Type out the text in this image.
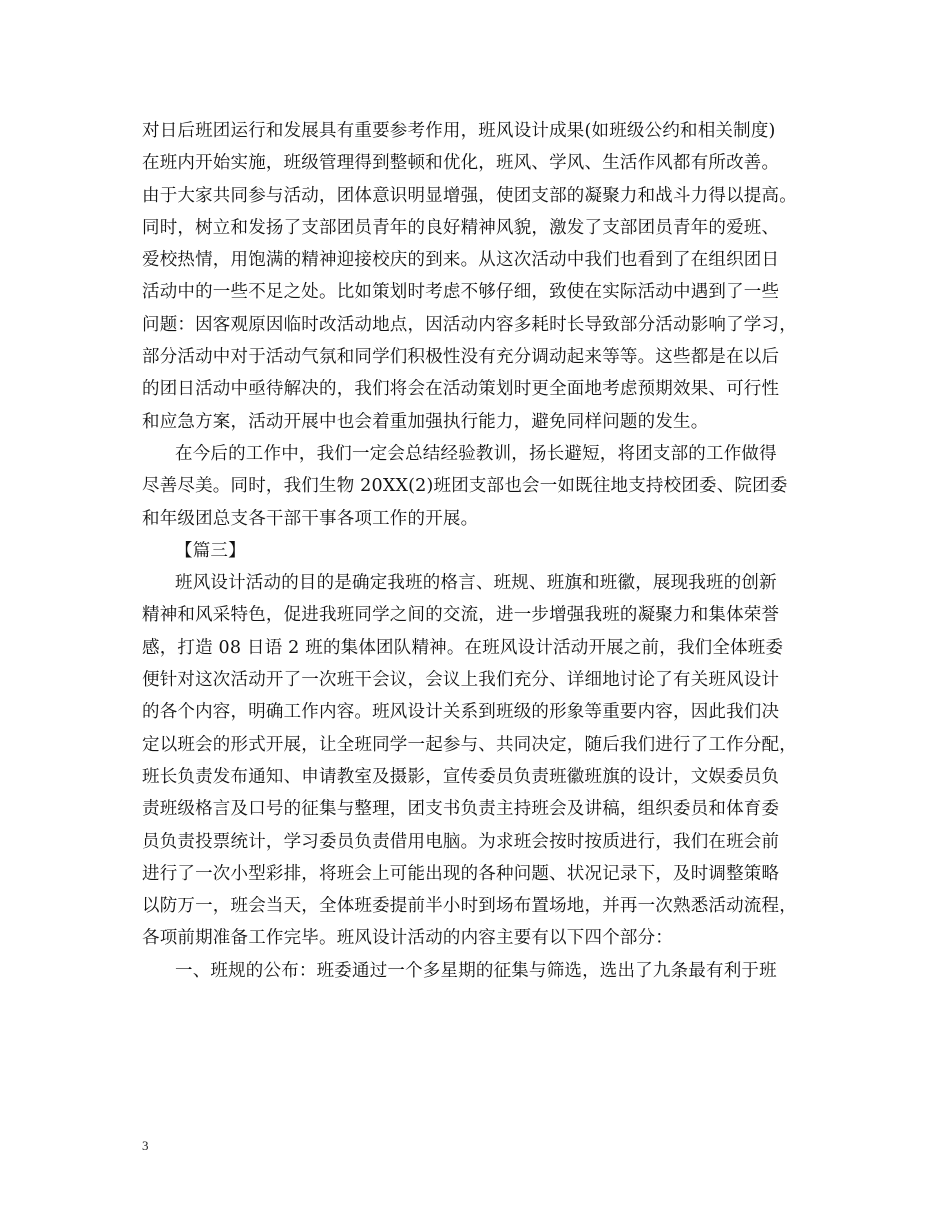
对日后班团运行和发展具有重要参考作用，班风设计成果(如班级公约和相关制度)
在班内开始实施，班级管理得到整顿和优化，班风、学风、生活作风都有所改善。
由于大家共同参与活动，团体意识明显增强，使团支部的凝聚力和战斗力得以提高。
同时，树立和发扬了支部团员青年的良好精神风貌，激发了支部团员青年的爱班、
爱校热情，用饱满的精神迎接校庆的到来。从这次活动中我们也看到了在组织团日
活动中的一些不足之处。比如策划时考虑不够仔细，致使在实际活动中遇到了一些
问题：因客观原因临时改活动地点，因活动内容多耗时长导致部分活动影响了学习，
部分活动中对于活动气氛和同学们积极性没有充分调动起来等等。这些都是在以后
的团日活动中亟待解决的，我们将会在活动策划时更全面地考虑预期效果、可行性
和应急方案，活动开展中也会着重加强执行能力，避免同样问题的发生。
在今后的工作中，我们一定会总结经验教训，扬长避短，将团支部的工作做得
尽善尽美。同时，我们生物 20XX(2)班团支部也会一如既往地支持校团委、院团委
和年级团总支各干部干事各项工作的开展。
【篇三】
班风设计活动的目的是确定我班的格言、班规、班旗和班徽，展现我班的创新
精神和风采特色，促进我班同学之间的交流，进一步增强我班的凝聚力和集体荣誉
感，打造 08 日语 2 班的集体团队精神。在班风设计活动开展之前，我们全体班委
便针对这次活动开了一次班干会议，会议上我们充分、详细地讨论了有关班风设计
的各个内容，明确工作内容。班风设计关系到班级的形象等重要内容，因此我们决
定以班会的形式开展，让全班同学一起参与、共同决定，随后我们进行了工作分配，
班长负责发布通知、申请教室及摄影，宣传委员负责班徽班旗的设计，文娱委员负
责班级格言及口号的征集与整理，团支书负责主持班会及讲稿，组织委员和体育委
员负责投票统计，学习委员负责借用电脑。为求班会按时按质进行，我们在班会前
进行了一次小型彩排，将班会上可能出现的各种问题、状况记录下，及时调整策略
以防万一，班会当天，全体班委提前半小时到场布置场地，并再一次熟悉活动流程，
各项前期准备工作完毕。班风设计活动的内容主要有以下四个部分：
一、班规的公布：班委通过一个多星期的征集与筛选，选出了九条最有利于班
3
